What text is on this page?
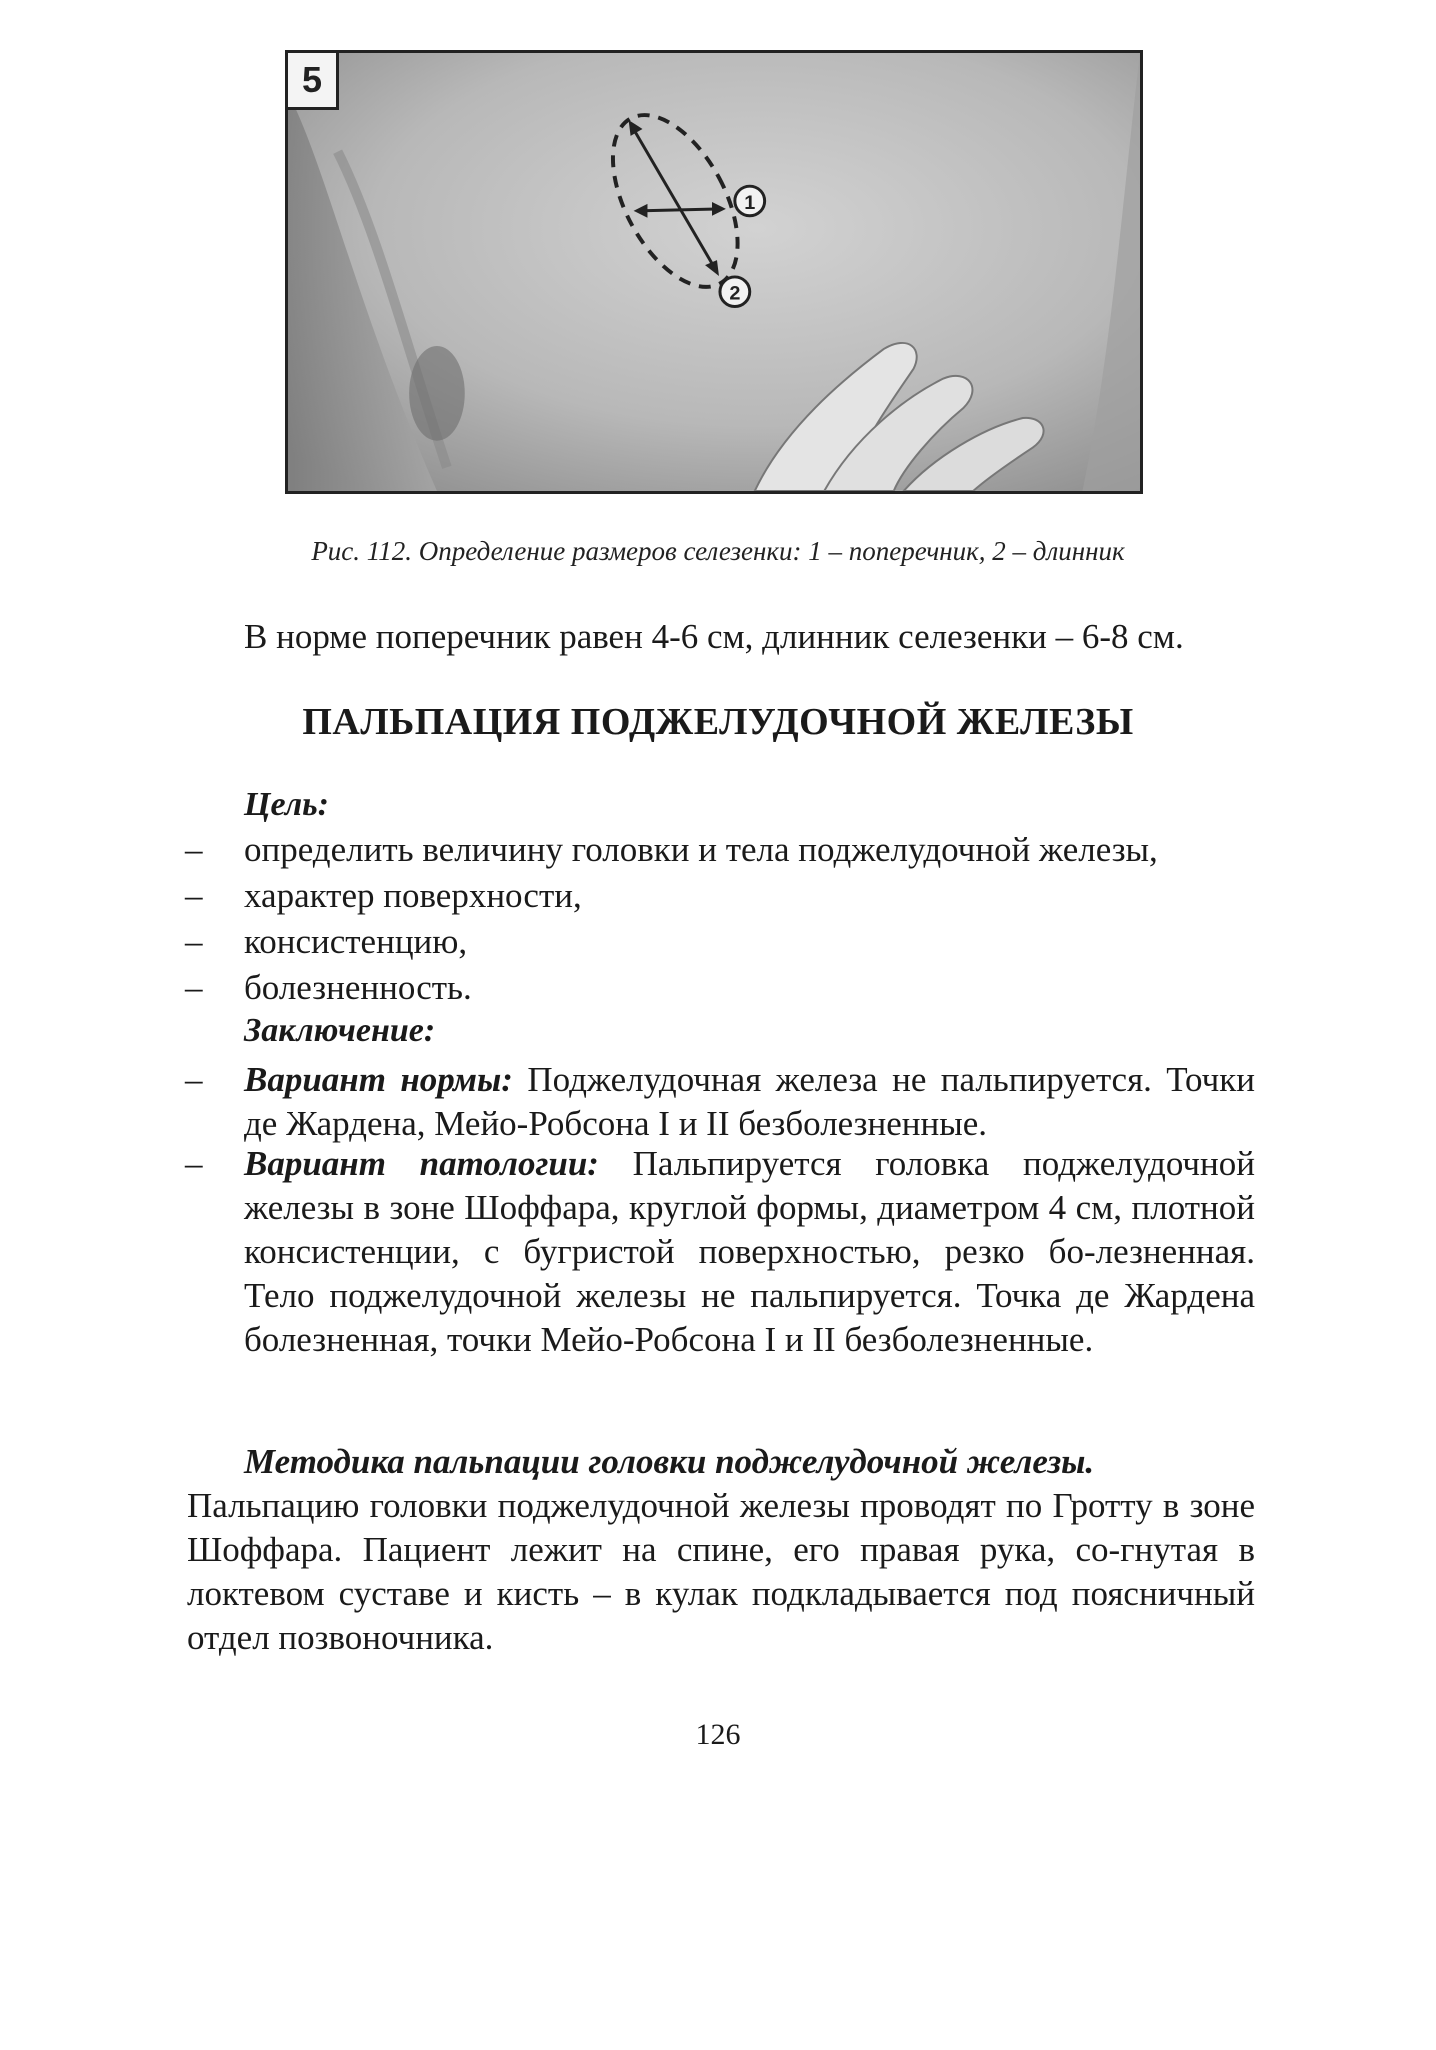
1
2
5
Рис. 112. Определение размеров селезенки: 1 – поперечник, 2 – длинник
В норме поперечник равен 4-6 см, длинник селезенки – 6-8 см.
ПАЛЬПАЦИЯ ПОДЖЕЛУДОЧНОЙ ЖЕЛЕЗЫ
Цель:
–	определить величину головки и тела поджелудочной железы,
–	характер поверхности,
–	консистенцию,
–	болезненность.
Заключение:
–	Вариант нормы: Поджелудочная железа не пальпируется. Точки де Жардена, Мейо-Робсона I и II безболезненные.
–	Вариант патологии: Пальпируется головка поджелудочной железы в зоне Шоффара, круглой формы, диаметром 4 см, плотной консистенции, с бугристой поверхностью, резко бо-лезненная. Тело поджелудочной железы не пальпируется. Точка де Жардена болезненная, точки Мейо-Робсона I и II безболезненные.
Методика пальпации головки поджелудочной железы. Пальпацию головки поджелудочной железы проводят по Гротту в зоне Шоффара. Пациент лежит на спине, его правая рука, со-гнутая в локтевом суставе и кисть – в кулак подкладывается под поясничный отдел позвоночника.
126
